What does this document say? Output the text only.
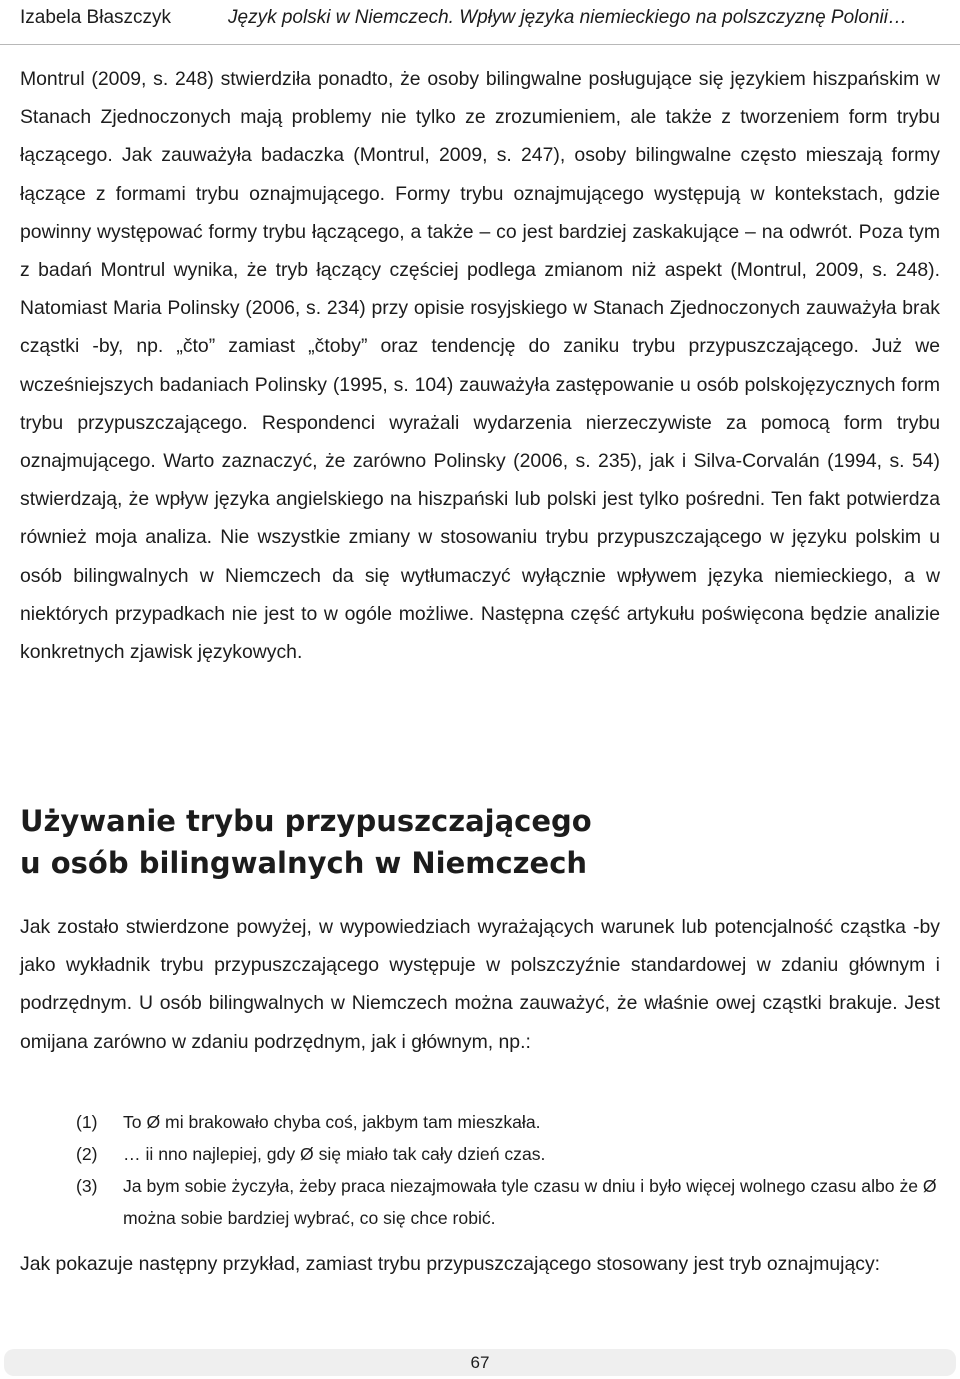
Izabela Błaszczyk	Język polski w Niemczech. Wpływ języka niemieckiego na polszczyznę Polonii…

Montrul (2009, s. 248) stwierdziła ponadto, że osoby bilingwalne posługujące się językiem hiszpańskim w Stanach Zjednoczonych mają problemy nie tylko ze zrozumieniem, ale także z tworzeniem form trybu łączącego. Jak zauważyła badaczka (Montrul, 2009, s. 247), osoby bilingwalne często mieszają formy łączące z formami trybu oznajmującego. Formy trybu oznajmującego występują w kontekstach, gdzie powinny występować formy trybu łączącego, a także – co jest bardziej zaskakujące – na odwrót. Poza tym z badań Montrul wynika, że tryb łączący częściej podlega zmianom niż aspekt (Montrul, 2009, s. 248). Natomiast Maria Polinsky (2006, s. 234) przy opisie rosyjskiego w Stanach Zjednoczonych zauważyła brak cząstki -by, np. „čto” zamiast „čtoby” oraz tendencję do zaniku trybu przypuszczającego. Już we wcześniejszych badaniach Polinsky (1995, s. 104) zauważyła zastępowanie u osób polskojęzycznych form trybu przypuszczającego. Respondenci wyrażali wydarzenia nierzeczywiste za pomocą form trybu oznajmującego. Warto zaznaczyć, że zarówno Polinsky (2006, s. 235), jak i Silva-Corvalán (1994, s. 54) stwierdzają, że wpływ języka angielskiego na hiszpański lub polski jest tylko pośredni. Ten fakt potwierdza również moja analiza. Nie wszystkie zmiany w stosowaniu trybu przypuszczającego w języku polskim u osób bilingwalnych w Niemczech da się wytłumaczyć wyłącznie wpływem języka niemieckiego, a w niektórych przypadkach nie jest to w ogóle możliwe. Następna część artykułu poświęcona będzie analizie konkretnych zjawisk językowych.

Używanie trybu przypuszczającego
u osób bilingwalnych w Niemczech

Jak zostało stwierdzone powyżej, w wypowiedziach wyrażających warunek lub potencjalność cząstka -by jako wykładnik trybu przypuszczającego występuje w polszczyźnie standardowej w zdaniu głównym i podrzędnym. U osób bilingwalnych w Niemczech można zauważyć, że właśnie owej cząstki brakuje. Jest omijana zarówno w zdaniu podrzędnym, jak i głównym, np.:

(1)	To Ø mi brakowało chyba coś, jakbym tam mieszkała.
(2)	… ii nno najlepiej, gdy Ø się miało tak cały dzień czas.
(3)	Ja bym sobie życzyła, żeby praca niezajmowała tyle czasu w dniu i było więcej wolnego czasu albo że Ø można sobie bardziej wybrać, co się chce robić.

Jak pokazuje następny przykład, zamiast trybu przypuszczającego stosowany jest tryb oznajmujący:

67
